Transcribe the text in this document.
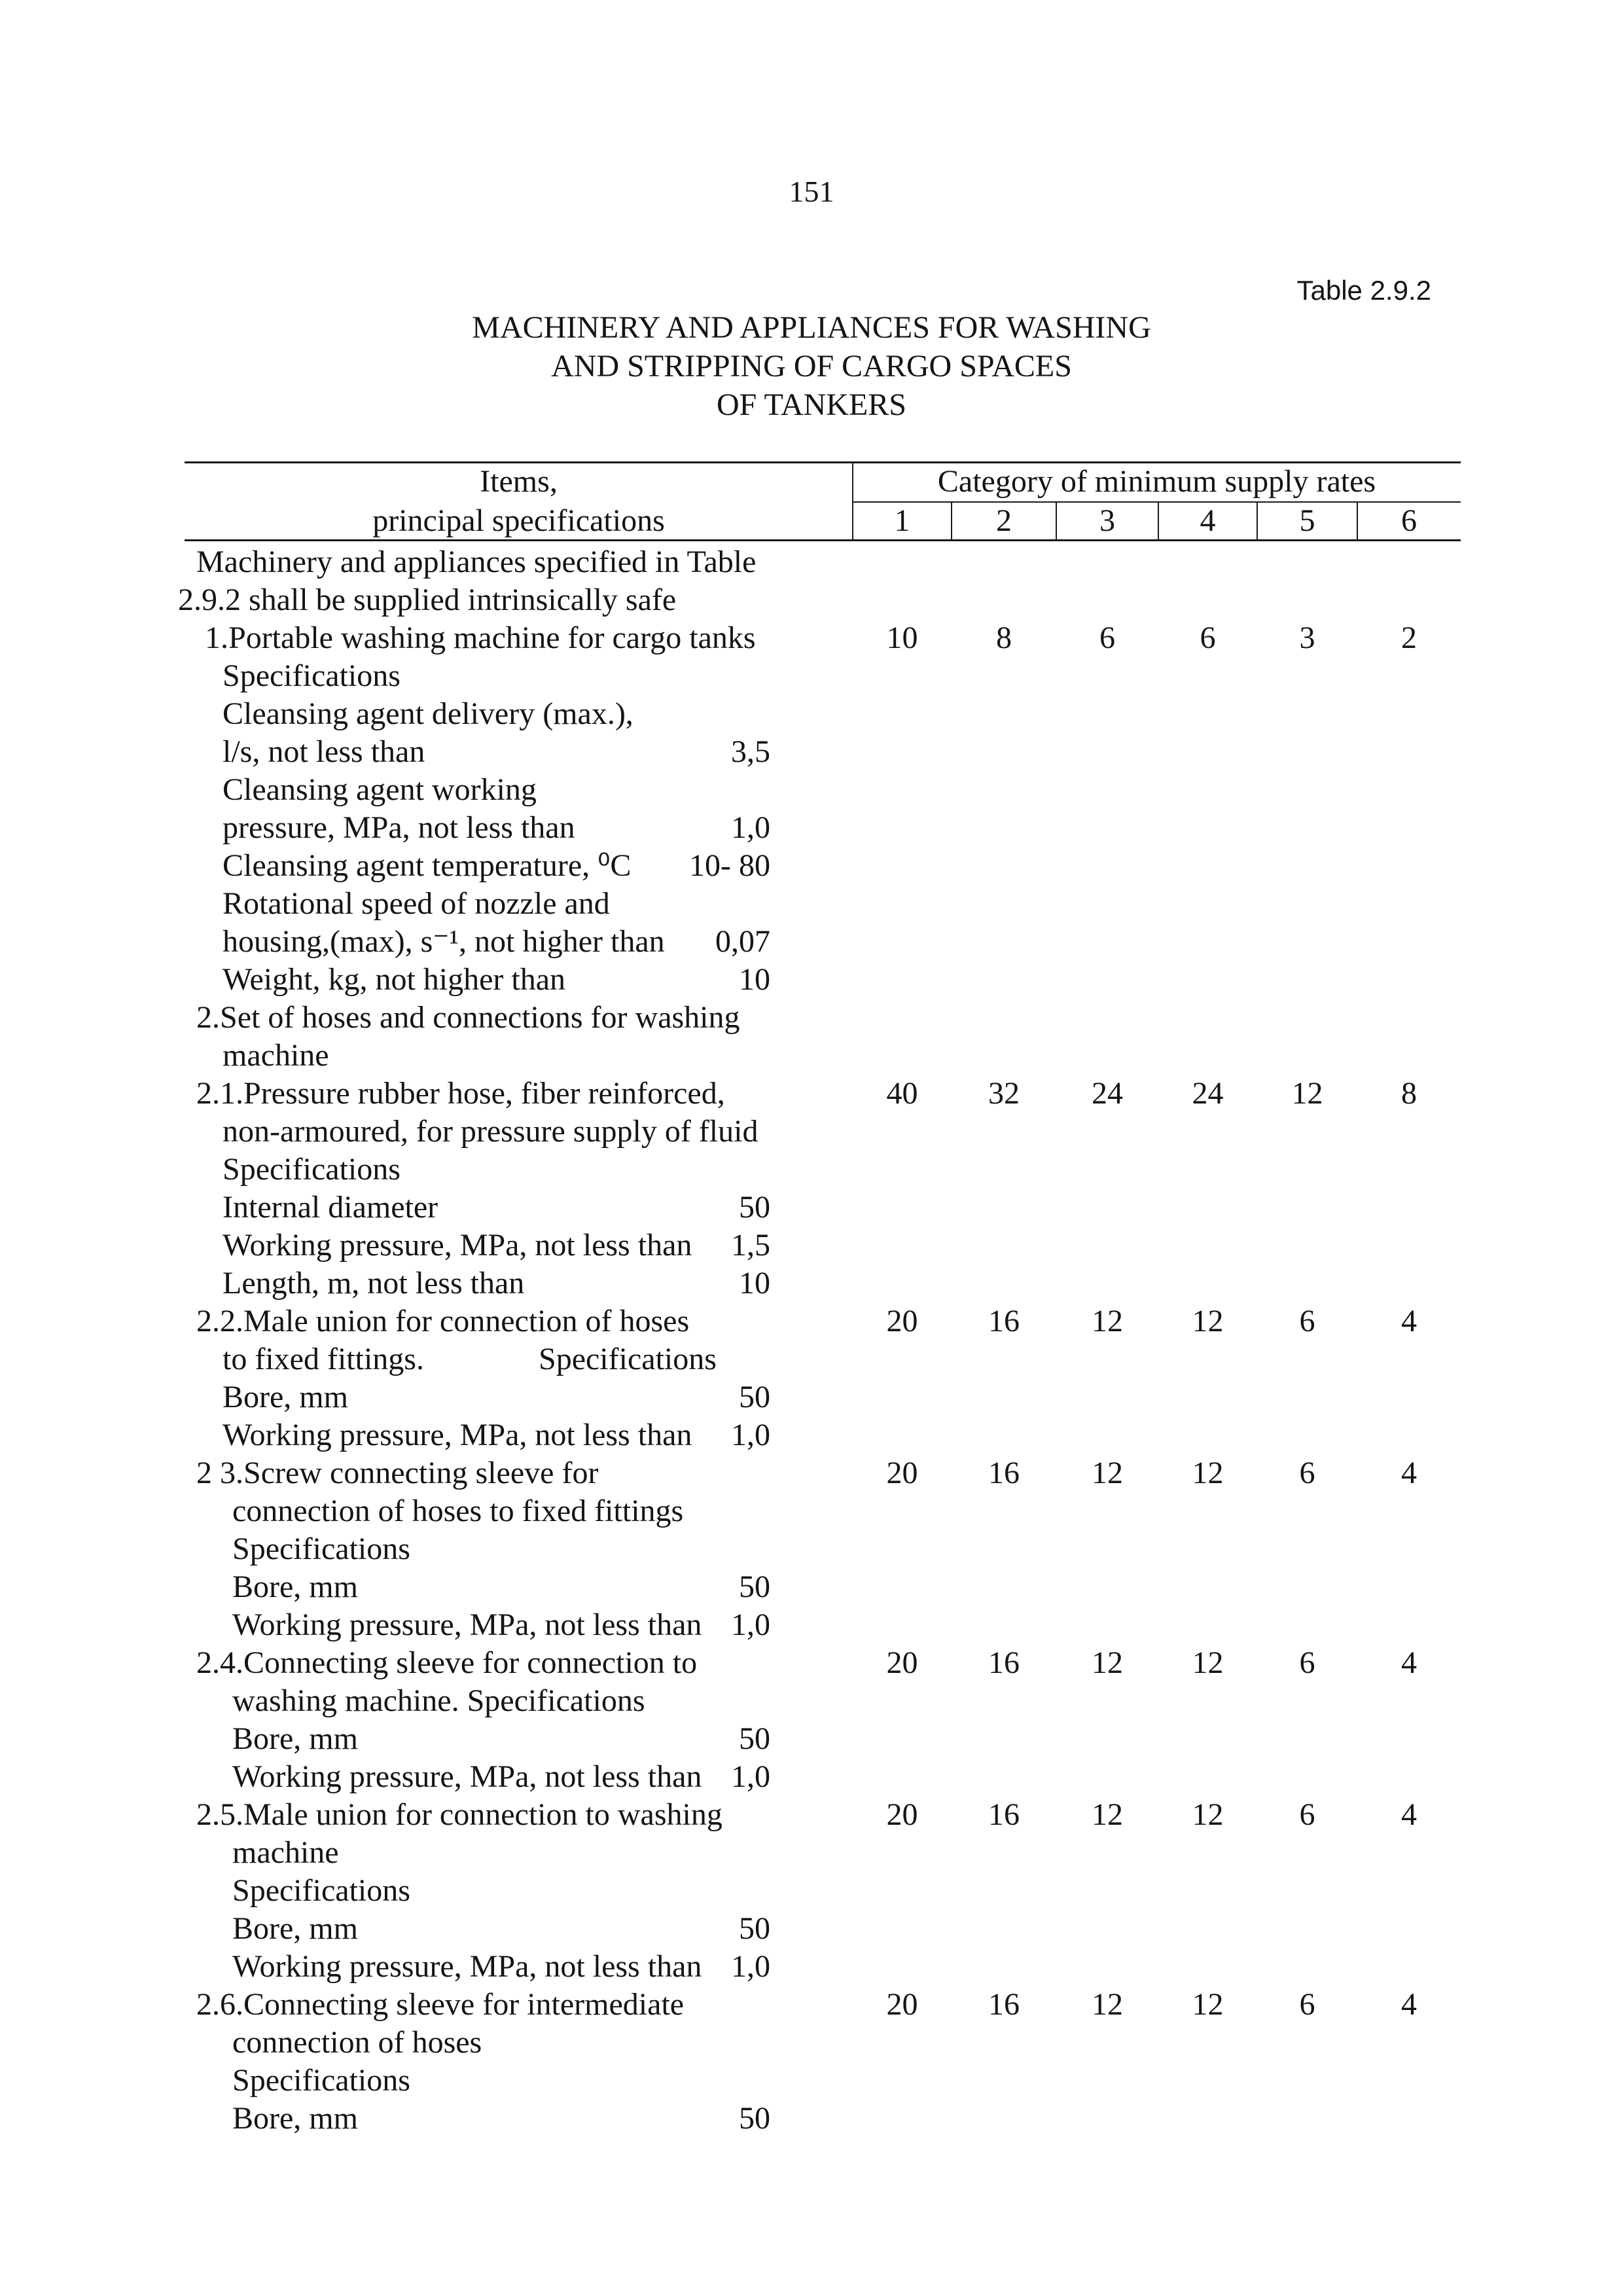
151
Table 2.9.2
MACHINERY AND APPLIANCES FOR WASHING
AND STRIPPING OF CARGO SPACES
OF TANKERS
Items,
principal specifications
Category of minimum supply rates
1	2	3	4	5	6
Machinery and appliances specified in Table
2.9.2 shall be supplied intrinsically safe
1.Portable washing machine for cargo tanks	10	8	6	6	3	2
Specifications
Cleansing agent delivery (max.),
l/s, not less than	3,5
Cleansing agent working
pressure, MPa, not less than	1,0
Cleansing agent temperature, ⁰C 10- 80
Rotational speed of nozzle and
housing,(max), s⁻¹, not higher than 0,07
Weight, kg, not higher than	10
2.Set of hoses and connections for washing
machine
2.1.Pressure rubber hose, fiber reinforced,	40	32	24	24	12	8
non-armoured, for pressure supply of fluid
Specifications
Internal diameter	50
Working pressure, MPa, not less than 1,5
Length, m, not less than	10
2.2.Male union for connection of hoses	20	16	12	12	6	4
to fixed fittings.	Specifications
Bore, mm	50
Working pressure, MPa, not less than 1,0
2 3.Screw connecting sleeve for	20	16	12	12	6	4
connection of hoses to fixed fittings
Specifications
Bore, mm	50
Working pressure, MPa, not less than 1,0
2.4.Connecting sleeve for connection to	20	16	12	12	6	4
washing machine. Specifications
Bore, mm	50
Working pressure, MPa, not less than 1,0
2.5.Male union for connection to washing	20	16	12	12	6	4
machine
Specifications
Bore, mm	50
Working pressure, MPa, not less than 1,0
2.6.Connecting sleeve for intermediate	20	16	12	12	6	4
connection of hoses
Specifications
Bore, mm	50
